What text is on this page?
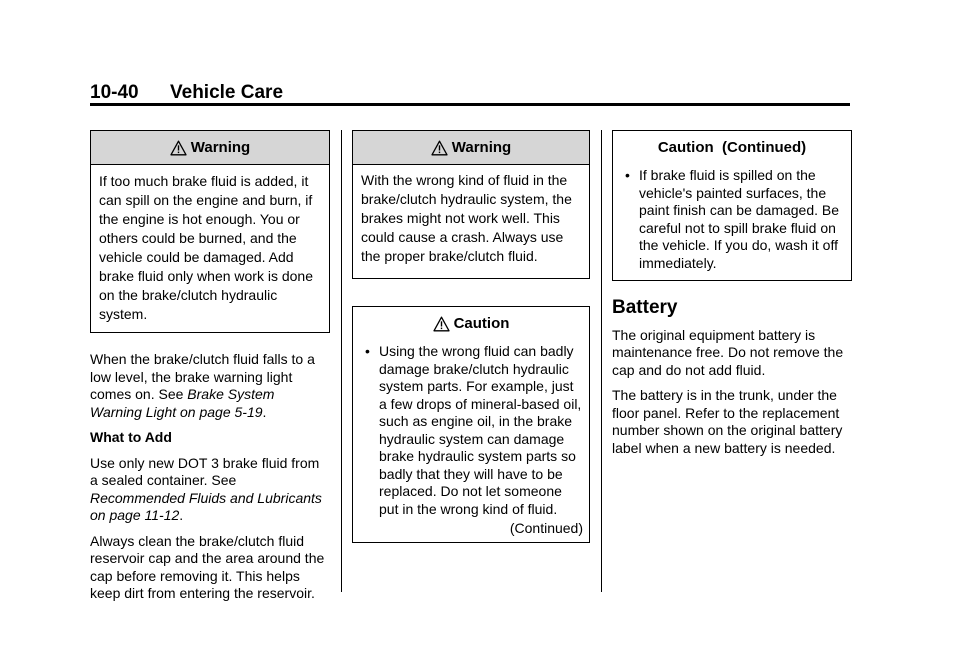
10-40 Vehicle Care
Warning

If too much brake fluid is added, it can spill on the engine and burn, if the engine is hot enough. You or others could be burned, and the vehicle could be damaged. Add brake fluid only when work is done on the brake/clutch hydraulic system.

When the brake/clutch fluid falls to a low level, the brake warning light comes on. See Brake System Warning Light on page 5-19.

What to Add

Use only new DOT 3 brake fluid from a sealed container. See Recommended Fluids and Lubricants on page 11-12.

Always clean the brake/clutch fluid reservoir cap and the area around the cap before removing it. This helps keep dirt from entering the reservoir.

Warning

With the wrong kind of fluid in the brake/clutch hydraulic system, the brakes might not work well. This could cause a crash. Always use the proper brake/clutch fluid.

Caution
• Using the wrong fluid can badly damage brake/clutch hydraulic system parts. For example, just a few drops of mineral-based oil, such as engine oil, in the brake hydraulic system can damage brake hydraulic system parts so badly that they will have to be replaced. Do not let someone put in the wrong kind of fluid.

(Continued)

Caution  (Continued)
• If brake fluid is spilled on the vehicle's painted surfaces, the paint finish can be damaged. Be careful not to spill brake fluid on the vehicle. If you do, wash it off immediately.
Battery

The original equipment battery is maintenance free. Do not remove the cap and do not add fluid.

The battery is in the trunk, under the floor panel. Refer to the replacement number shown on the original battery label when a new battery is needed.
